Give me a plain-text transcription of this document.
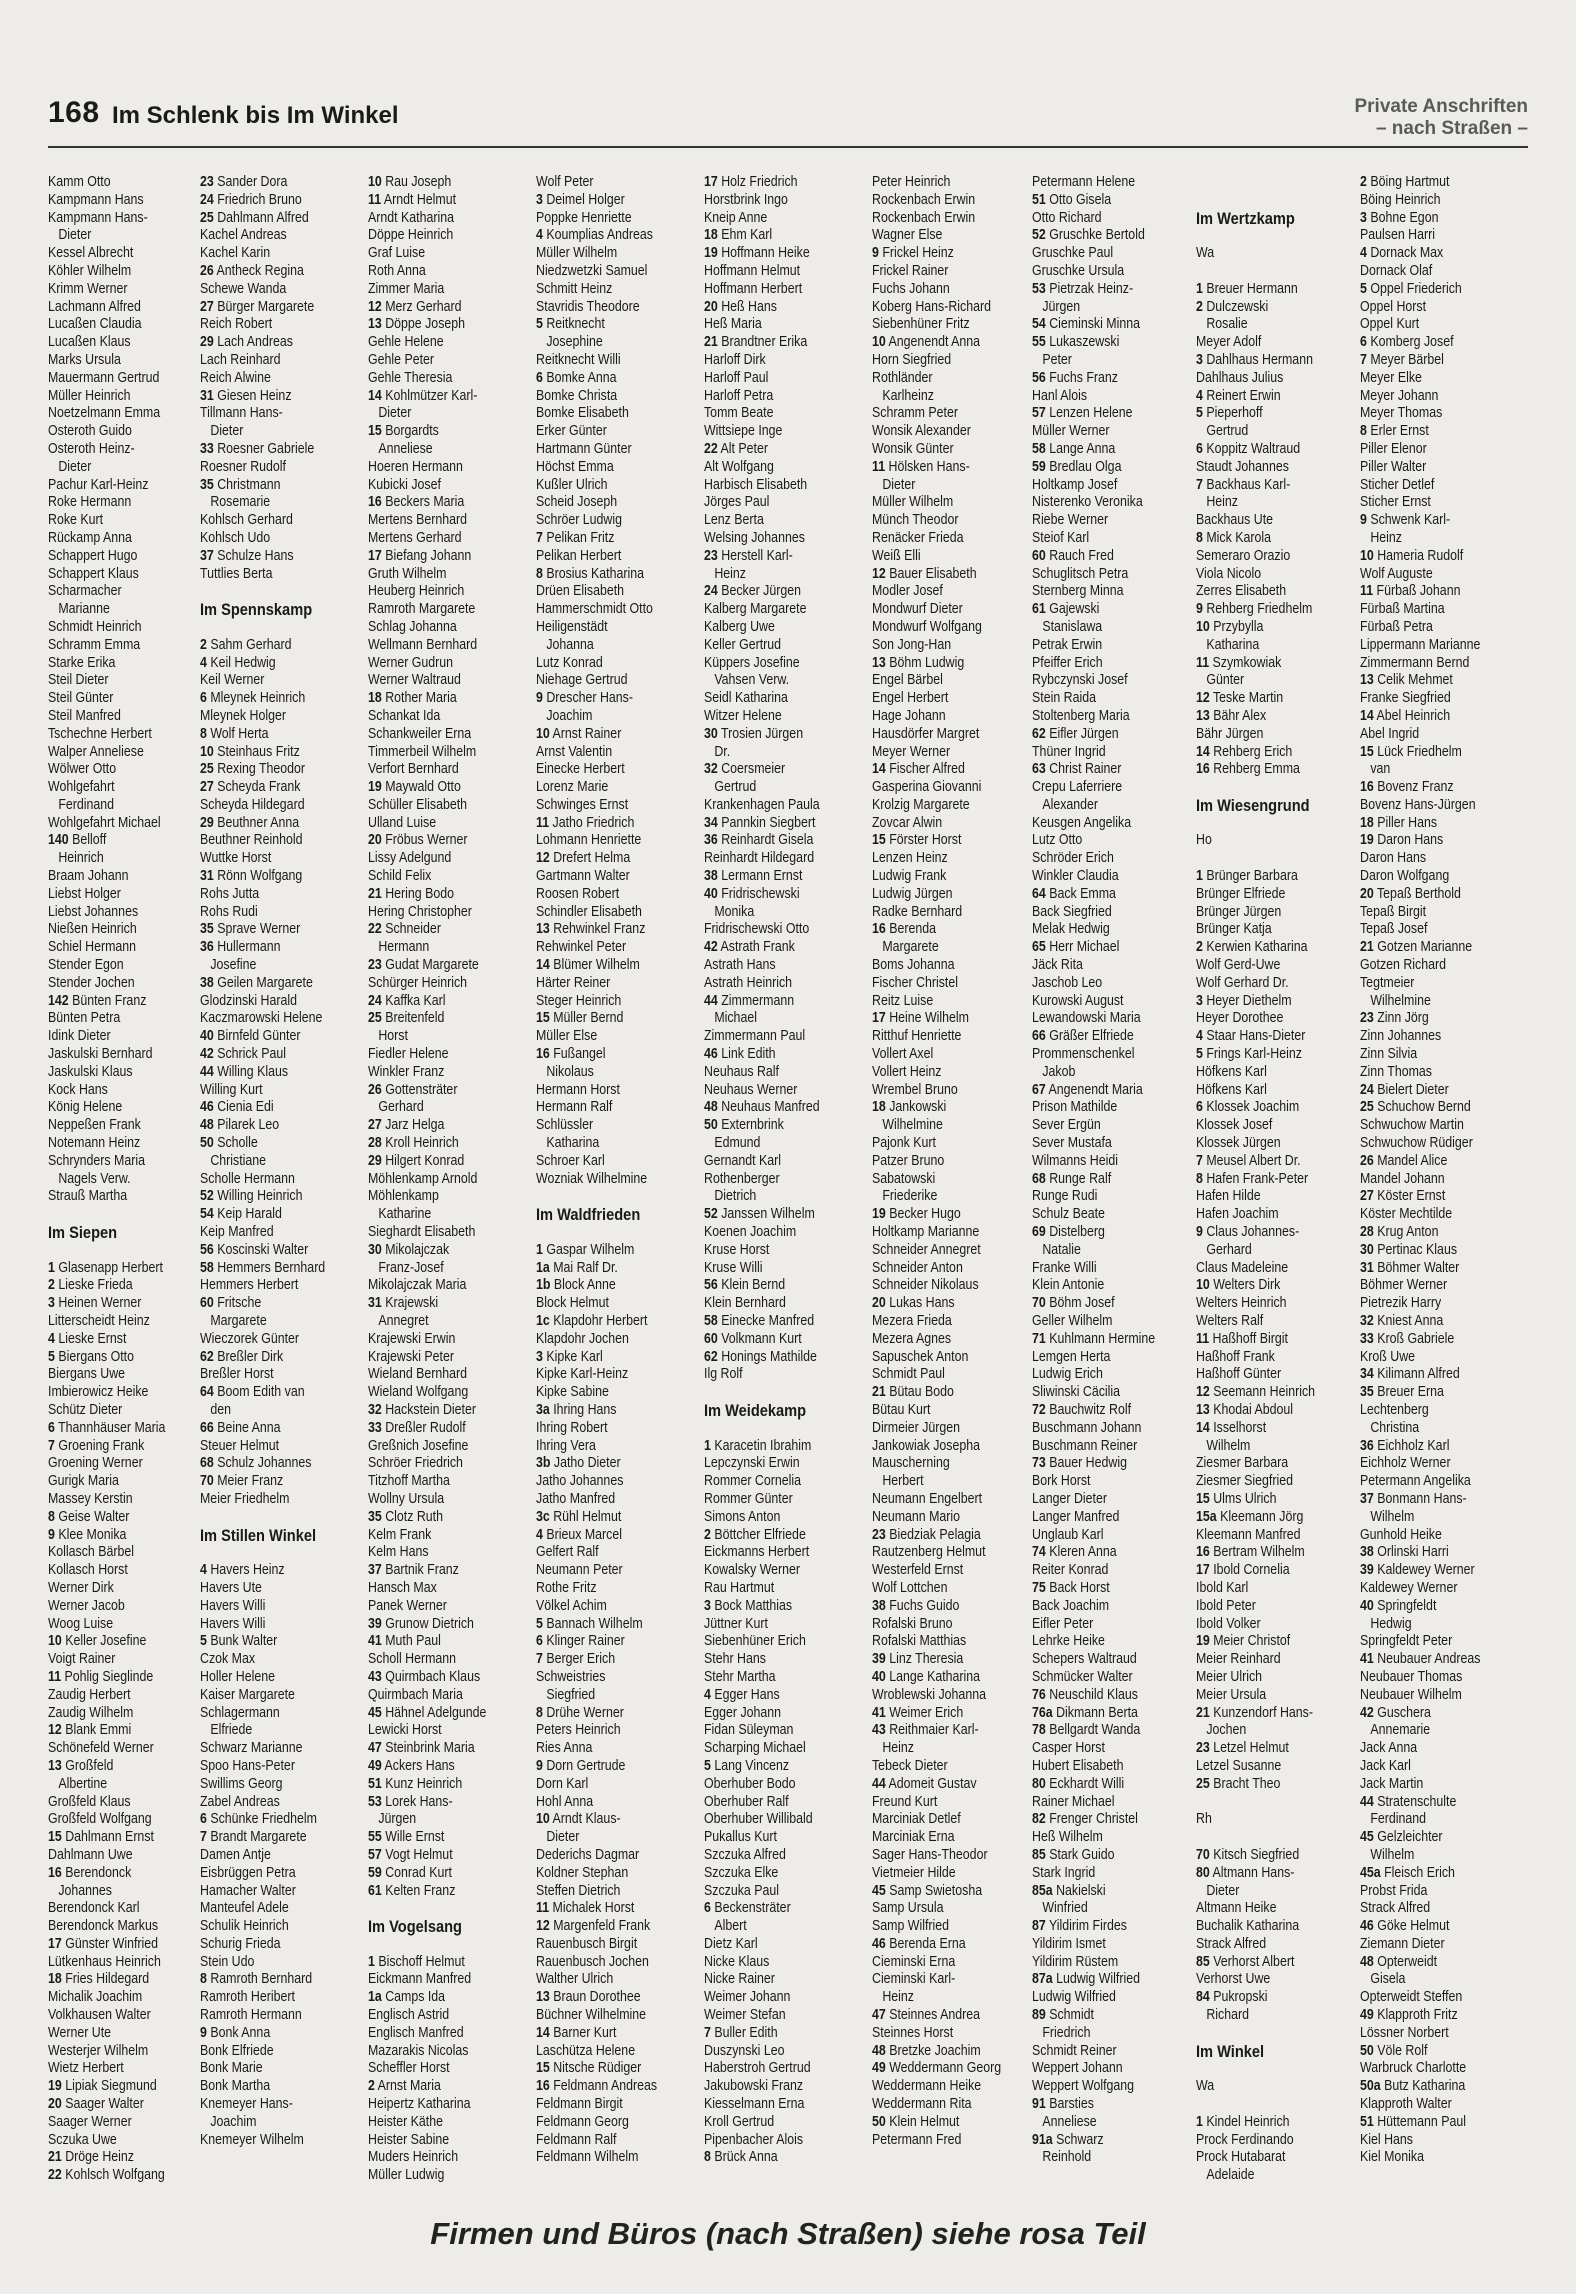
168 Im Schlenk bis Im Winkel	Private Anschriften
– nach Straßen –
Kamm Otto
Kampmann Hans
Kampmann Hans-
Dieter
Kessel Albrecht
Köhler Wilhelm
Krimm Werner
Lachmann Alfred
Lucaßen Claudia
Lucaßen Klaus
Marks Ursula
Mauermann Gertrud
Müller Heinrich
Noetzelmann Emma
Osteroth Guido
Osteroth Heinz-
Dieter
Pachur Karl-Heinz
Roke Hermann
Roke Kurt
Rückamp Anna
Schappert Hugo
Schappert Klaus
Scharmacher
Marianne
Schmidt Heinrich
Schramm Emma
Starke Erika
Steil Dieter
Steil Günter
Steil Manfred
Tschechne Herbert
Walper Anneliese
Wölwer Otto
Wohlgefahrt
Ferdinand
Wohlgefahrt Michael
140 Belloff
Heinrich
Braam Johann
Liebst Holger
Liebst Johannes
Nießen Heinrich
Schiel Hermann
Stender Egon
Stender Jochen
142 Bünten Franz
Bünten Petra
Idink Dieter
Jaskulski Bernhard
Jaskulski Klaus
Kock Hans
König Helene
Neppeßen Frank
Notemann Heinz
Schrynders Maria
Nagels Verw.
Strauß Martha
Im Siepen
1 Glasenapp Herbert
2 Lieske Frieda
3 Heinen Werner
Litterscheidt Heinz
4 Lieske Ernst
5 Biergans Otto
Biergans Uwe
Imbierowicz Heike
Schütz Dieter
6 Thannhäuser Maria
7 Groening Frank
Groening Werner
Gurigk Maria
Massey Kerstin
8 Geise Walter
9 Klee Monika
Kollasch Bärbel
Kollasch Horst
Werner Dirk
Werner Jacob
Woog Luise
10 Keller Josefine
Voigt Rainer
11 Pohlig Sieglinde
Zaudig Herbert
Zaudig Wilhelm
12 Blank Emmi
Schönefeld Werner
13 Großfeld
Albertine
Großfeld Klaus
Großfeld Wolfgang
15 Dahlmann Ernst
Dahlmann Uwe
16 Berendonck
Johannes
Berendonck Karl
Berendonck Markus
17 Günster Winfried
Lütkenhaus Heinrich
18 Fries Hildegard
Michalik Joachim
Volkhausen Walter
Werner Ute
Westerjer Wilhelm
Wietz Herbert
19 Lipiak Siegmund
20 Saager Walter
Saager Werner
Sczuka Uwe
21 Dröge Heinz
22 Kohlsch Wolfgang
23 Sander Dora
24 Friedrich Bruno
25 Dahlmann Alfred
Kachel Andreas
Kachel Karin
26 Antheck Regina
Schewe Wanda
27 Bürger Margarete
Reich Robert
29 Lach Andreas
Lach Reinhard
Reich Alwine
31 Giesen Heinz
Tillmann Hans-
Dieter
33 Roesner Gabriele
Roesner Rudolf
35 Christmann
Rosemarie
Kohlsch Gerhard
Kohlsch Udo
37 Schulze Hans
Tuttlies Berta
Im Spennskamp
2 Sahm Gerhard
4 Keil Hedwig
Keil Werner
6 Mleynek Heinrich
Mleynek Holger
8 Wolf Herta
10 Steinhaus Fritz
25 Rexing Theodor
27 Scheyda Frank
Scheyda Hildegard
29 Beuthner Anna
Beuthner Reinhold
Wuttke Horst
31 Rönn Wolfgang
Rohs Jutta
Rohs Rudi
35 Sprave Werner
36 Hullermann
Josefine
38 Geilen Margarete
Glodzinski Harald
Kaczmarowski Helene
40 Birnfeld Günter
42 Schrick Paul
44 Willing Klaus
Willing Kurt
46 Cienia Edi
48 Pilarek Leo
50 Scholle
Christiane
Scholle Hermann
52 Willing Heinrich
54 Keip Harald
Keip Manfred
56 Koscinski Walter
58 Hemmers Bernhard
Hemmers Herbert
60 Fritsche
Margarete
Wieczorek Günter
62 Breßler Dirk
Breßler Horst
64 Boom Edith van
den
66 Beine Anna
Steuer Helmut
68 Schulz Johannes
70 Meier Franz
Meier Friedhelm
Im Stillen Winkel
4 Havers Heinz
Havers Ute
Havers Willi
Havers Willi
5 Bunk Walter
Czok Max
Holler Helene
Kaiser Margarete
Schlagermann
Elfriede
Schwarz Marianne
Spoo Hans-Peter
Swillims Georg
Zabel Andreas
6 Schünke Friedhelm
7 Brandt Margarete
Damen Antje
Eisbrüggen Petra
Hamacher Walter
Manteufel Adele
Schulik Heinrich
Schurig Frieda
Stein Udo
8 Ramroth Bernhard
Ramroth Heribert
Ramroth Hermann
9 Bonk Anna
Bonk Elfriede
Bonk Marie
Bonk Martha
Knemeyer Hans-
Joachim
Knemeyer Wilhelm
10 Rau Joseph
11 Arndt Helmut
Arndt Katharina
Döppe Heinrich
Graf Luise
Roth Anna
Zimmer Maria
12 Merz Gerhard
13 Döppe Joseph
Gehle Helene
Gehle Peter
Gehle Theresia
14 Kohlmützer Karl-
Dieter
15 Borgardts
Anneliese
Hoeren Hermann
Kubicki Josef
16 Beckers Maria
Mertens Bernhard
Mertens Gerhard
17 Biefang Johann
Gruth Wilhelm
Heuberg Heinrich
Ramroth Margarete
Schlag Johanna
Wellmann Bernhard
Werner Gudrun
Werner Waltraud
18 Rother Maria
Schankat Ida
Schankweiler Erna
Timmerbeil Wilhelm
Verfort Bernhard
19 Maywald Otto
Schüller Elisabeth
Ulland Luise
20 Fröbus Werner
Lissy Adelgund
Schild Felix
21 Hering Bodo
Hering Christopher
22 Schneider
Hermann
23 Gudat Margarete
Schürger Heinrich
24 Kaffka Karl
25 Breitenfeld
Horst
Fiedler Helene
Winkler Franz
26 Gottensträter
Gerhard
27 Jarz Helga
28 Kroll Heinrich
29 Hilgert Konrad
Möhlenkamp Arnold
Möhlenkamp
Katharine
Sieghardt Elisabeth
30 Mikolajczak
Franz-Josef
Mikolajczak Maria
31 Krajewski
Annegret
Krajewski Erwin
Krajewski Peter
Wieland Bernhard
Wieland Wolfgang
32 Hackstein Dieter
33 Dreßler Rudolf
Greßnich Josefine
Schröer Friedrich
Titzhoff Martha
Wollny Ursula
35 Clotz Ruth
Kelm Frank
Kelm Hans
37 Bartnik Franz
Hansch Max
Panek Werner
39 Grunow Dietrich
41 Muth Paul
Scholl Hermann
43 Quirmbach Klaus
Quirmbach Maria
45 Hähnel Adelgunde
Lewicki Horst
47 Steinbrink Maria
49 Ackers Hans
51 Kunz Heinrich
53 Lorek Hans-
Jürgen
55 Wille Ernst
57 Vogt Helmut
59 Conrad Kurt
61 Kelten Franz
Im Vogelsang
1 Bischoff Helmut
Eickmann Manfred
1a Camps Ida
Englisch Astrid
Englisch Manfred
Mazarakis Nicolas
Scheffler Horst
2 Arnst Maria
Heipertz Katharina
Heister Käthe
Heister Sabine
Muders Heinrich
Müller Ludwig
Wolf Peter
3 Deimel Holger
Poppke Henriette
4 Koumplias Andreas
Müller Wilhelm
Niedzwetzki Samuel
Schmitt Heinz
Stavridis Theodore
5 Reitknecht
Josephine
Reitknecht Willi
6 Bomke Anna
Bomke Christa
Bomke Elisabeth
Erker Günter
Hartmann Günter
Höchst Emma
Kußler Ulrich
Scheid Joseph
Schröer Ludwig
7 Pelikan Fritz
Pelikan Herbert
8 Brosius Katharina
Drüen Elisabeth
Hammerschmidt Otto
Heiligenstädt
Johanna
Lutz Konrad
Niehage Gertrud
9 Drescher Hans-
Joachim
10 Arnst Rainer
Arnst Valentin
Einecke Herbert
Lorenz Marie
Schwinges Ernst
11 Jatho Friedrich
Lohmann Henriette
12 Drefert Helma
Gartmann Walter
Roosen Robert
Schindler Elisabeth
13 Rehwinkel Franz
Rehwinkel Peter
14 Blümer Wilhelm
Härter Reiner
Steger Heinrich
15 Müller Bernd
Müller Else
16 Fußangel
Nikolaus
Hermann Horst
Hermann Ralf
Schlüssler
Katharina
Schroer Karl
Wozniak Wilhelmine
Im Waldfrieden
1 Gaspar Wilhelm
1a Mai Ralf Dr.
1b Block Anne
Block Helmut
1c Klapdohr Herbert
Klapdohr Jochen
3 Kipke Karl
Kipke Karl-Heinz
Kipke Sabine
3a Ihring Hans
Ihring Robert
Ihring Vera
3b Jatho Dieter
Jatho Johannes
Jatho Manfred
3c Rühl Helmut
4 Brieux Marcel
Gelfert Ralf
Neumann Peter
Rothe Fritz
Völkel Achim
5 Bannach Wilhelm
6 Klinger Rainer
7 Berger Erich
Schweistries
Siegfried
8 Drühe Werner
Peters Heinrich
Ries Anna
9 Dorn Gertrude
Dorn Karl
Hohl Anna
10 Arndt Klaus-
Dieter
Dederichs Dagmar
Koldner Stephan
Steffen Dietrich
11 Michalek Horst
12 Margenfeld Frank
Rauenbusch Birgit
Rauenbusch Jochen
Walther Ulrich
13 Braun Dorothee
Büchner Wilhelmine
14 Barner Kurt
Laschütza Helene
15 Nitsche Rüdiger
16 Feldmann Andreas
Feldmann Birgit
Feldmann Georg
Feldmann Ralf
Feldmann Wilhelm
17 Holz Friedrich
Horstbrink Ingo
Kneip Anne
18 Ehm Karl
19 Hoffmann Heike
Hoffmann Helmut
Hoffmann Herbert
20 Heß Hans
Heß Maria
21 Brandtner Erika
Harloff Dirk
Harloff Paul
Harloff Petra
Tomm Beate
Wittsiepe Inge
22 Alt Peter
Alt Wolfgang
Harbisch Elisabeth
Jörges Paul
Lenz Berta
Welsing Johannes
23 Herstell Karl-
Heinz
24 Becker Jürgen
Kalberg Margarete
Kalberg Uwe
Keller Gertrud
Küppers Josefine
Vahsen Verw.
Seidl Katharina
Witzer Helene
30 Trosien Jürgen
Dr.
32 Coersmeier
Gertrud
Krankenhagen Paula
34 Pannkin Siegbert
36 Reinhardt Gisela
Reinhardt Hildegard
38 Lermann Ernst
40 Fridrischewski
Monika
Fridrischewski Otto
42 Astrath Frank
Astrath Hans
Astrath Heinrich
44 Zimmermann
Michael
Zimmermann Paul
46 Link Edith
Neuhaus Ralf
Neuhaus Werner
48 Neuhaus Manfred
50 Externbrink
Edmund
Gernandt Karl
Rothenberger
Dietrich
52 Janssen Wilhelm
Koenen Joachim
Kruse Horst
Kruse Willi
56 Klein Bernd
Klein Bernhard
58 Einecke Manfred
60 Volkmann Kurt
62 Honings Mathilde
Ilg Rolf
Im Weidekamp
1 Karacetin Ibrahim
Lepczynski Erwin
Rommer Cornelia
Rommer Günter
Simons Anton
2 Böttcher Elfriede
Eickmanns Herbert
Kowalsky Werner
Rau Hartmut
3 Bock Matthias
Jüttner Kurt
Siebenhüner Erich
Stehr Hans
Stehr Martha
4 Egger Hans
Egger Johann
Fidan Süleyman
Scharping Michael
5 Lang Vincenz
Oberhuber Bodo
Oberhuber Ralf
Oberhuber Willibald
Pukallus Kurt
Szczuka Alfred
Szczuka Elke
Szczuka Paul
6 Beckensträter
Albert
Dietz Karl
Nicke Klaus
Nicke Rainer
Weimer Johann
Weimer Stefan
7 Buller Edith
Duszynski Leo
Haberstroh Gertrud
Jakubowski Franz
Kiesselmann Erna
Kroll Gertrud
Pipenbacher Alois
8 Brück Anna
Peter Heinrich
Rockenbach Erwin
Rockenbach Erwin
Wagner Else
9 Frickel Heinz
Frickel Rainer
Fuchs Johann
Koberg Hans-Richard
Siebenhüner Fritz
10 Angenendt Anna
Horn Siegfried
Rothländer
Karlheinz
Schramm Peter
Wonsik Alexander
Wonsik Günter
11 Hölsken Hans-
Dieter
Müller Wilhelm
Münch Theodor
Renäcker Frieda
Weiß Elli
12 Bauer Elisabeth
Modler Josef
Mondwurf Dieter
Mondwurf Wolfgang
Son Jong-Han
13 Böhm Ludwig
Engel Bärbel
Engel Herbert
Hage Johann
Hausdörfer Margret
Meyer Werner
14 Fischer Alfred
Gasperina Giovanni
Krolzig Margarete
Zovcar Alwin
15 Förster Horst
Lenzen Heinz
Ludwig Frank
Ludwig Jürgen
Radke Bernhard
16 Berenda
Margarete
Boms Johanna
Fischer Christel
Reitz Luise
17 Heine Wilhelm
Ritthuf Henriette
Vollert Axel
Vollert Heinz
Wrembel Bruno
18 Jankowski
Wilhelmine
Pajonk Kurt
Patzer Bruno
Sabatowski
Friederike
19 Becker Hugo
Holtkamp Marianne
Schneider Annegret
Schneider Anton
Schneider Nikolaus
20 Lukas Hans
Mezera Frieda
Mezera Agnes
Sapuschek Anton
Schmidt Paul
21 Bütau Bodo
Bütau Kurt
Dirmeier Jürgen
Jankowiak Josepha
Mauscherning
Herbert
Neumann Engelbert
Neumann Mario
23 Biedziak Pelagia
Rautzenberg Helmut
Westerfeld Ernst
Wolf Lottchen
38 Fuchs Guido
Rofalski Bruno
Rofalski Matthias
39 Linz Theresia
40 Lange Katharina
Wroblewski Johanna
41 Weimer Erich
43 Reithmaier Karl-
Heinz
Tebeck Dieter
44 Adomeit Gustav
Freund Kurt
Marciniak Detlef
Marciniak Erna
Sager Hans-Theodor
Vietmeier Hilde
45 Samp Swietosha
Samp Ursula
Samp Wilfried
46 Berenda Erna
Cieminski Erna
Cieminski Karl-
Heinz
47 Steinnes Andrea
Steinnes Horst
48 Bretzke Joachim
49 Weddermann Georg
Weddermann Heike
Weddermann Rita
50 Klein Helmut
Petermann Fred
Petermann Helene
51 Otto Gisela
Otto Richard
52 Gruschke Bertold
Gruschke Paul
Gruschke Ursula
53 Pietrzak Heinz-
Jürgen
54 Cieminski Minna
55 Lukaszewski
Peter
56 Fuchs Franz
Hanl Alois
57 Lenzen Helene
Müller Werner
58 Lange Anna
59 Bredlau Olga
Holtkamp Josef
Nisterenko Veronika
Riebe Werner
Steiof Karl
60 Rauch Fred
Schuglitsch Petra
Sternberg Minna
61 Gajewski
Stanislawa
Petrak Erwin
Pfeiffer Erich
Rybczynski Josef
Stein Raida
Stoltenberg Maria
62 Eifler Jürgen
Thüner Ingrid
63 Christ Rainer
Crepu Laferriere
Alexander
Keusgen Angelika
Lutz Otto
Schröder Erich
Winkler Claudia
64 Back Emma
Back Siegfried
Melak Hedwig
65 Herr Michael
Jäck Rita
Jaschob Leo
Kurowski August
Lewandowski Maria
66 Gräßer Elfriede
Prommenschenkel
Jakob
67 Angenendt Maria
Prison Mathilde
Sever Ergün
Sever Mustafa
Wilmanns Heidi
68 Runge Ralf
Runge Rudi
Schulz Beate
69 Distelberg
Natalie
Franke Willi
Klein Antonie
70 Böhm Josef
Geller Wilhelm
71 Kuhlmann Hermine
Lemgen Herta
Ludwig Erich
Sliwinski Cäcilia
72 Bauchwitz Rolf
Buschmann Johann
Buschmann Reiner
73 Bauer Hedwig
Bork Horst
Langer Dieter
Langer Manfred
Unglaub Karl
74 Kleren Anna
Reiter Konrad
75 Back Horst
Back Joachim
Eifler Peter
Lehrke Heike
Schepers Waltraud
Schmücker Walter
76 Neuschild Klaus
76a Dikmann Berta
78 Bellgardt Wanda
Casper Horst
Hubert Elisabeth
80 Eckhardt Willi
Rainer Michael
82 Frenger Christel
Heß Wilhelm
85 Stark Guido
Stark Ingrid
85a Nakielski
Winfried
87 Yildirim Firdes
Yildirim Ismet
Yildirim Rüstem
87a Ludwig Wilfried
Ludwig Wilfried
89 Schmidt
Friedrich
Schmidt Reiner
Weppert Johann
Weppert Wolfgang
91 Barsties
Anneliese
91a Schwarz
Reinhold
Im Wertzkamp
Wa
1 Breuer Hermann
2 Dulczewski
Rosalie
Meyer Adolf
3 Dahlhaus Hermann
Dahlhaus Julius
4 Reinert Erwin
5 Pieperhoff
Gertrud
6 Koppitz Waltraud
Staudt Johannes
7 Backhaus Karl-
Heinz
Backhaus Ute
8 Mick Karola
Semeraro Orazio
Viola Nicolo
Zerres Elisabeth
9 Rehberg Friedhelm
10 Przybylla
Katharina
11 Szymkowiak
Günter
12 Teske Martin
13 Bähr Alex
Bähr Jürgen
14 Rehberg Erich
16 Rehberg Emma
Im Wiesengrund
Ho
1 Brünger Barbara
Brünger Elfriede
Brünger Jürgen
Brünger Katja
2 Kerwien Katharina
Wolf Gerd-Uwe
Wolf Gerhard Dr.
3 Heyer Diethelm
Heyer Dorothee
4 Staar Hans-Dieter
5 Frings Karl-Heinz
Höfkens Karl
Höfkens Karl
6 Klossek Joachim
Klossek Josef
Klossek Jürgen
7 Meusel Albert Dr.
8 Hafen Frank-Peter
Hafen Hilde
Hafen Joachim
9 Claus Johannes-
Gerhard
Claus Madeleine
10 Welters Dirk
Welters Heinrich
Welters Ralf
11 Haßhoff Birgit
Haßhoff Frank
Haßhoff Günter
12 Seemann Heinrich
13 Khodai Abdoul
14 Isselhorst
Wilhelm
Ziesmer Barbara
Ziesmer Siegfried
15 Ulms Ulrich
15a Kleemann Jörg
Kleemann Manfred
16 Bertram Wilhelm
17 Ibold Cornelia
Ibold Karl
Ibold Peter
Ibold Volker
19 Meier Christof
Meier Reinhard
Meier Ulrich
Meier Ursula
21 Kunzendorf Hans-
Jochen
23 Letzel Helmut
Letzel Susanne
25 Bracht Theo
Rh
70 Kitsch Siegfried
80 Altmann Hans-
Dieter
Altmann Heike
Buchalik Katharina
Strack Alfred
85 Verhorst Albert
Verhorst Uwe
84 Pukropski
Richard
Im Winkel
Wa
1 Kindel Heinrich
Prock Ferdinando
Prock Hutabarat
Adelaide
2 Böing Hartmut
Böing Heinrich
3 Bohne Egon
Paulsen Harri
4 Dornack Max
Dornack Olaf
5 Oppel Friederich
Oppel Horst
Oppel Kurt
6 Komberg Josef
7 Meyer Bärbel
Meyer Elke
Meyer Johann
Meyer Thomas
8 Erler Ernst
Piller Elenor
Piller Walter
Sticher Detlef
Sticher Ernst
9 Schwenk Karl-
Heinz
10 Hameria Rudolf
Wolf Auguste
11 Fürbaß Johann
Fürbaß Martina
Fürbaß Petra
Lippermann Marianne
Zimmermann Bernd
13 Celik Mehmet
Franke Siegfried
14 Abel Heinrich
Abel Ingrid
15 Lück Friedhelm
van
16 Bovenz Franz
Bovenz Hans-Jürgen
18 Piller Hans
19 Daron Hans
Daron Hans
Daron Wolfgang
20 Tepaß Berthold
Tepaß Birgit
Tepaß Josef
21 Gotzen Marianne
Gotzen Richard
Tegtmeier
Wilhelmine
23 Zinn Jörg
Zinn Johannes
Zinn Silvia
Zinn Thomas
24 Bielert Dieter
25 Schuchow Bernd
Schwuchow Martin
Schwuchow Rüdiger
26 Mandel Alice
Mandel Johann
27 Köster Ernst
Köster Mechtilde
28 Krug Anton
30 Pertinac Klaus
31 Böhmer Walter
Böhmer Werner
Pietrezik Harry
32 Kniest Anna
33 Kroß Gabriele
Kroß Uwe
34 Kilimann Alfred
35 Breuer Erna
Lechtenberg
Christina
36 Eichholz Karl
Eichholz Werner
Petermann Angelika
37 Bonmann Hans-
Wilhelm
Gunhold Heike
38 Orlinski Harri
39 Kaldewey Werner
Kaldewey Werner
40 Springfeldt
Hedwig
Springfeldt Peter
41 Neubauer Andreas
Neubauer Thomas
Neubauer Wilhelm
42 Guschera
Annemarie
Jack Anna
Jack Karl
Jack Martin
44 Stratenschulte
Ferdinand
45 Gelzleichter
Wilhelm
45a Fleisch Erich
Probst Frida
Strack Alfred
46 Göke Helmut
Ziemann Dieter
48 Opterweidt
Gisela
Opterweidt Steffen
49 Klapproth Fritz
Lössner Norbert
50 Völe Rolf
Warbruck Charlotte
50a Butz Katharina
Klapproth Walter
51 Hüttemann Paul
Kiel Hans
Kiel Monika
Firmen und Büros (nach Straßen) siehe rosa Teil
